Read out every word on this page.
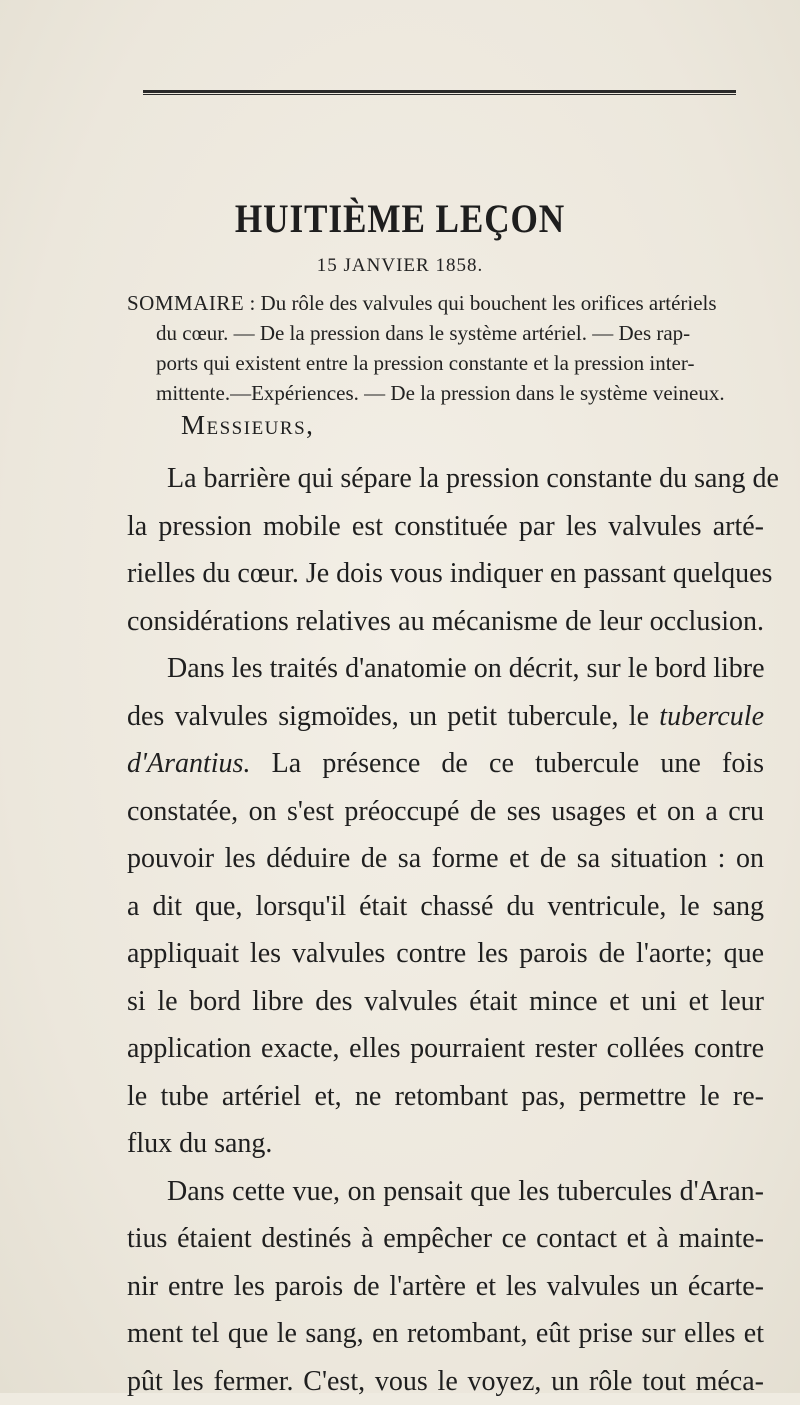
HUITIÈME LEÇON
15 JANVIER 1858.
SOMMAIRE : Du rôle des valvules qui bouchent les orifices artériels
du cœur. — De la pression dans le système artériel. — Des rap-
ports qui existent entre la pression constante et la pression inter-
mittente.—Expériences. — De la pression dans le système veineux.
Messieurs,
La barrière qui sépare la pression constante du sang de
la pression mobile est constituée par les valvules arté-
rielles du cœur. Je dois vous indiquer en passant quelques
considérations relatives au mécanisme de leur occlusion.
Dans les traités d'anatomie on décrit, sur le bord libre
des valvules sigmoïdes, un petit tubercule, le tubercule
d'Arantius. La présence de ce tubercule une fois
constatée, on s'est préoccupé de ses usages et on a cru
pouvoir les déduire de sa forme et de sa situation : on
a dit que, lorsqu'il était chassé du ventricule, le sang
appliquait les valvules contre les parois de l'aorte; que
si le bord libre des valvules était mince et uni et leur
application exacte, elles pourraient rester collées contre
le tube artériel et, ne retombant pas, permettre le re-
flux du sang.
Dans cette vue, on pensait que les tubercules d'Aran-
tius étaient destinés à empêcher ce contact et à mainte-
nir entre les parois de l'artère et les valvules un écarte-
ment tel que le sang, en retombant, eût prise sur elles et
pût les fermer. C'est, vous le voyez, un rôle tout méca-
